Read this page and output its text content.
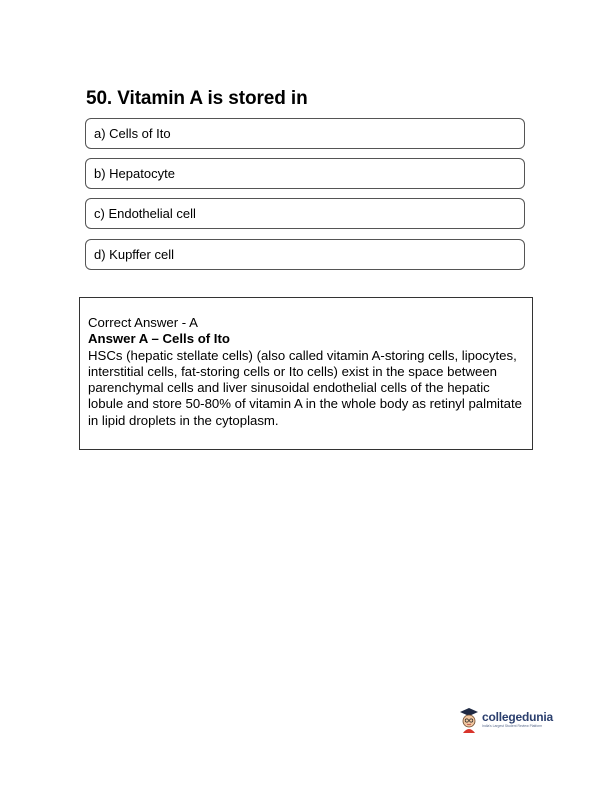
50. Vitamin A is stored in
a) Cells of Ito
b) Hepatocyte
c) Endothelial cell
d) Kupffer cell

Correct Answer - A

Answer A – Cells of Ito

HSCs (hepatic stellate cells) (also called vitamin A-storing cells, lipocytes, interstitial cells, fat-storing cells or Ito cells) exist in the space between parenchymal cells and liver sinusoidal endothelial cells of the hepatic lobule and store 50-80% of vitamin A in the whole body as retinyl palmitate in lipid droplets in the cytoplasm.

collegedunia
India's Largest Student Review Platform
